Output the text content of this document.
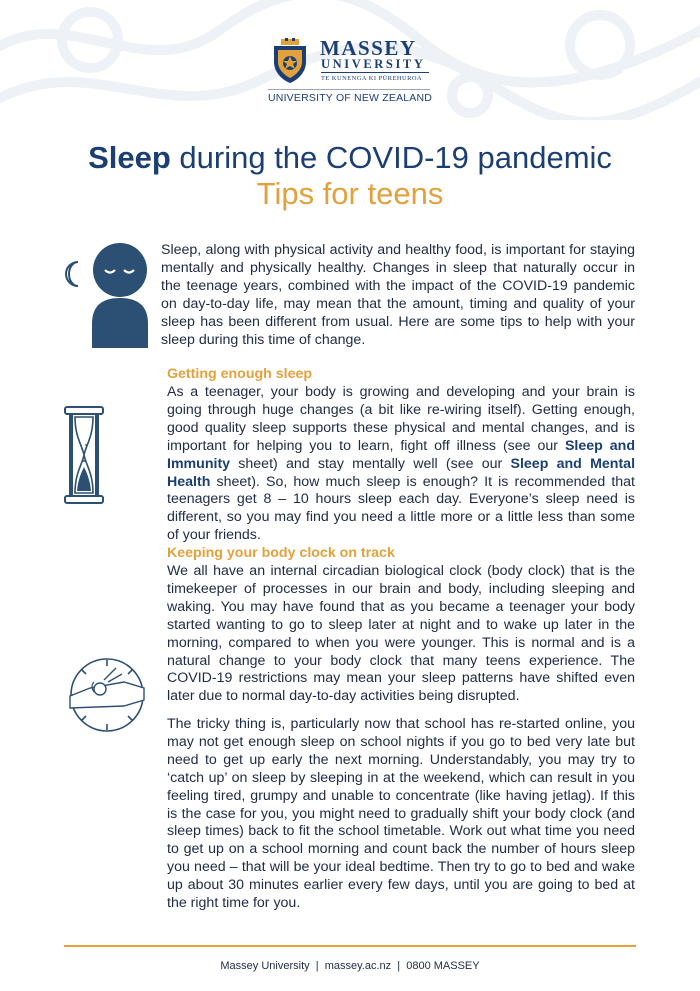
MASSEY
UNIVERSITY
TE KUNENGA KI PŪREHUROA
UNIVERSITY OF NEW ZEALAND
Sleep during the COVID-19 pandemic
Tips for teens
Sleep, along with physical activity and healthy food, is important for staying mentally and physically healthy. Changes in sleep that naturally occur in the teenage years, combined with the impact of the COVID-19 pandemic on day-to-day life, may mean that the amount, timing and quality of your sleep has been different from usual. Here are some tips to help with your sleep during this time of change.
Getting enough sleep
As a teenager, your body is growing and developing and your brain is going through huge changes (a bit like re-wiring itself). Getting enough, good quality sleep supports these physical and mental changes, and is important for helping you to learn, fight off illness (see our Sleep and Immunity sheet) and stay mentally well (see our Sleep and Mental Health sheet). So, how much sleep is enough? It is recommended that teenagers get 8 – 10 hours sleep each day. Everyone’s sleep need is different, so you may find you need a little more or a little less than some of your friends.
Keeping your body clock on track
We all have an internal circadian biological clock (body clock) that is the timekeeper of processes in our brain and body, including sleeping and waking. You may have found that as you became a teenager your body started wanting to go to sleep later at night and to wake up later in the morning, compared to when you were younger. This is normal and is a natural change to your body clock that many teens experience. The COVID-19 restrictions may mean your sleep patterns have shifted even later due to normal day-to-day activities being disrupted.
The tricky thing is, particularly now that school has re-started online, you may not get enough sleep on school nights if you go to bed very late but need to get up early the next morning. Understandably, you may try to ‘catch up’ on sleep by sleeping in at the weekend, which can result in you feeling tired, grumpy and unable to concentrate (like having jetlag). If this is the case for you, you might need to gradually shift your body clock (and sleep times) back to fit the school timetable. Work out what time you need to get up on a school morning and count back the number of hours sleep you need – that will be your ideal bedtime. Then try to go to bed and wake up about 30 minutes earlier every few days, until you are going to bed at the right time for you.
Massey University  |  massey.ac.nz  |  0800 MASSEY
